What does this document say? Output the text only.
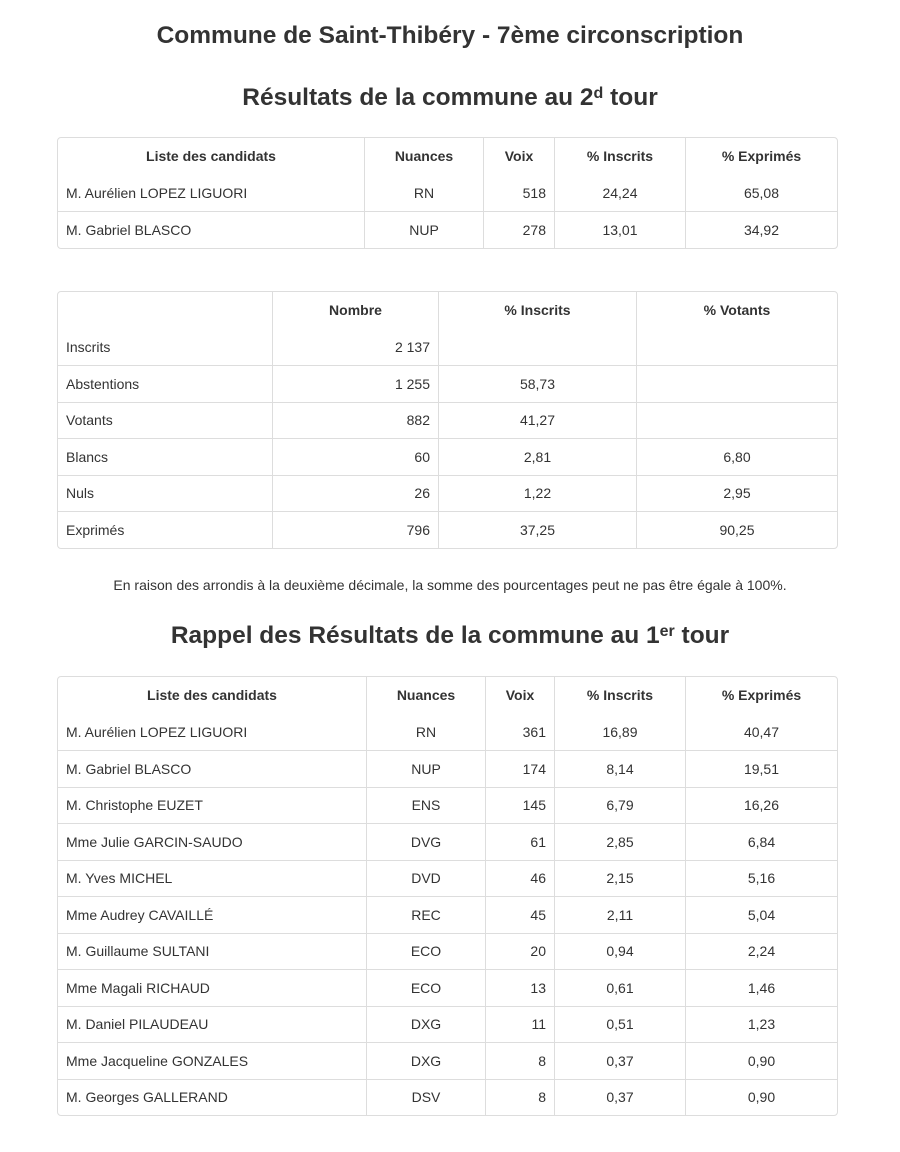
Commune de Saint-Thibéry - 7ème circonscription
Résultats de la commune au 2$^d$ tour
Liste des candidats	Nuances	Voix	% Inscrits	% Exprimés
M. Aurélien LOPEZ LIGUORI	RN	518	24,24	65,08
M. Gabriel BLASCO	NUP	278	13,01	34,92
	Nombre	% Inscrits	% Votants
Inscrits	2 137		
Abstentions	1 255	58,73	
Votants	882	41,27	
Blancs	60	2,81	6,80
Nuls	26	1,22	2,95
Exprimés	796	37,25	90,25

En raison des arrondis à la deuxième décimale, la somme des pourcentages peut ne pas être égale à 100%.

Rappel des Résultats de la commune au 1er tour
Liste des candidats	Nuances	Voix	% Inscrits	% Exprimés
M. Aurélien LOPEZ LIGUORI	RN	361	16,89	40,47
M. Gabriel BLASCO	NUP	174	8,14	19,51
M. Christophe EUZET	ENS	145	6,79	16,26
Mme Julie GARCIN-SAUDO	DVG	61	2,85	6,84
M. Yves MICHEL	DVD	46	2,15	5,16
Mme Audrey CAVAILLÉ	REC	45	2,11	5,04
M. Guillaume SULTANI	ECO	20	0,94	2,24
Mme Magali RICHAUD	ECO	13	0,61	1,46
M. Daniel PILAUDEAU	DXG	11	0,51	1,23
Mme Jacqueline GONZALES	DXG	8	0,37	0,90
M. Georges GALLERAND	DSV	8	0,37	0,90
